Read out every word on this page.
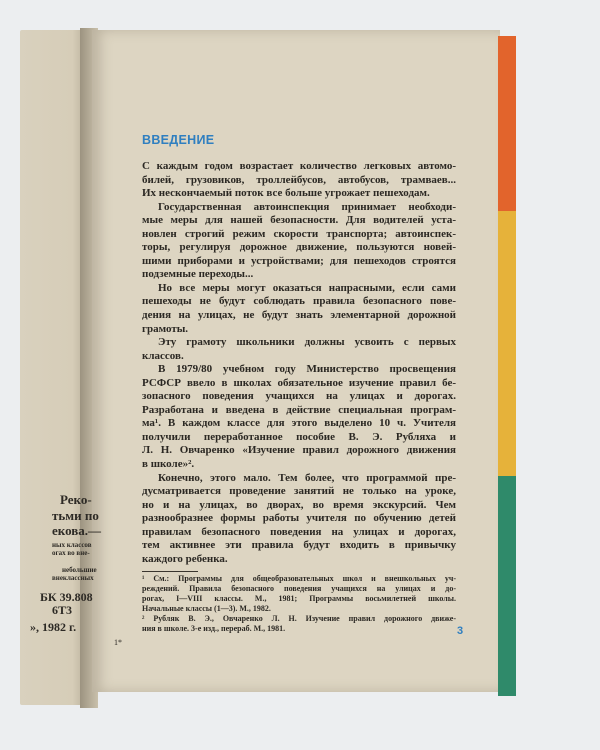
Реко-
тьми по
екова.—
ных классов
огах во вне-
небольшие
внеклассных
БК 39.808
6Т3
», 1982 г.
ВВЕДЕНИЕ
С каждым годом возрастает количество легковых автомо-
билей, грузовиков, троллейбусов, автобусов, трамваев...
Их нескончаемый поток все больше угрожает пешеходам.
Государственная автоинспекция принимает необходи-
мые меры для нашей безопасности. Для водителей уста-
новлен строгий режим скорости транспорта; автоинспек-
торы, регулируя дорожное движение, пользуются новей-
шими приборами и устройствами; для пешеходов строятся
подземные переходы...
Но все меры могут оказаться напрасными, если сами
пешеходы не будут соблюдать правила безопасного пове-
дения на улицах, не будут знать элементарной дорожной
грамоты.
Эту грамоту школьники должны усвоить с первых
классов.
В 1979/80 учебном году Министерство просвещения
РСФСР ввело в школах обязательное изучение правил бе-
зопасного поведения учащихся на улицах и дорогах.
Разработана и введена в действие специальная програм-
ма¹. В каждом классе для этого выделено 10 ч. Учителя
получили переработанное пособие В. Э. Рубляха и
Л. Н. Овчаренко «Изучение правил дорожного движения
в школе»².
Конечно, этого мало. Тем более, что программой пре-
дусматривается проведение занятий не только на уроке,
но и на улицах, во дворах, во время экскурсий. Чем
разнообразнее формы работы учителя по обучению детей
правилам безопасного поведения на улицах и дорогах,
тем активнее эти правила будут входить в привычку
каждого ребенка.
¹ См.: Программы для общеобразовательных школ и внешкольных уч-
реждений. Правила безопасного поведения учащихся на улицах и до-
рогах, I—VIII классы. М., 1981; Программы восьмилетней школы.
Начальные классы (1—3). М., 1982.
² Рубляк В. Э., Овчаренко Л. Н. Изучение правил дорожного движе-
ния в школе. 3-е изд., перераб. М., 1981.	3
1*
